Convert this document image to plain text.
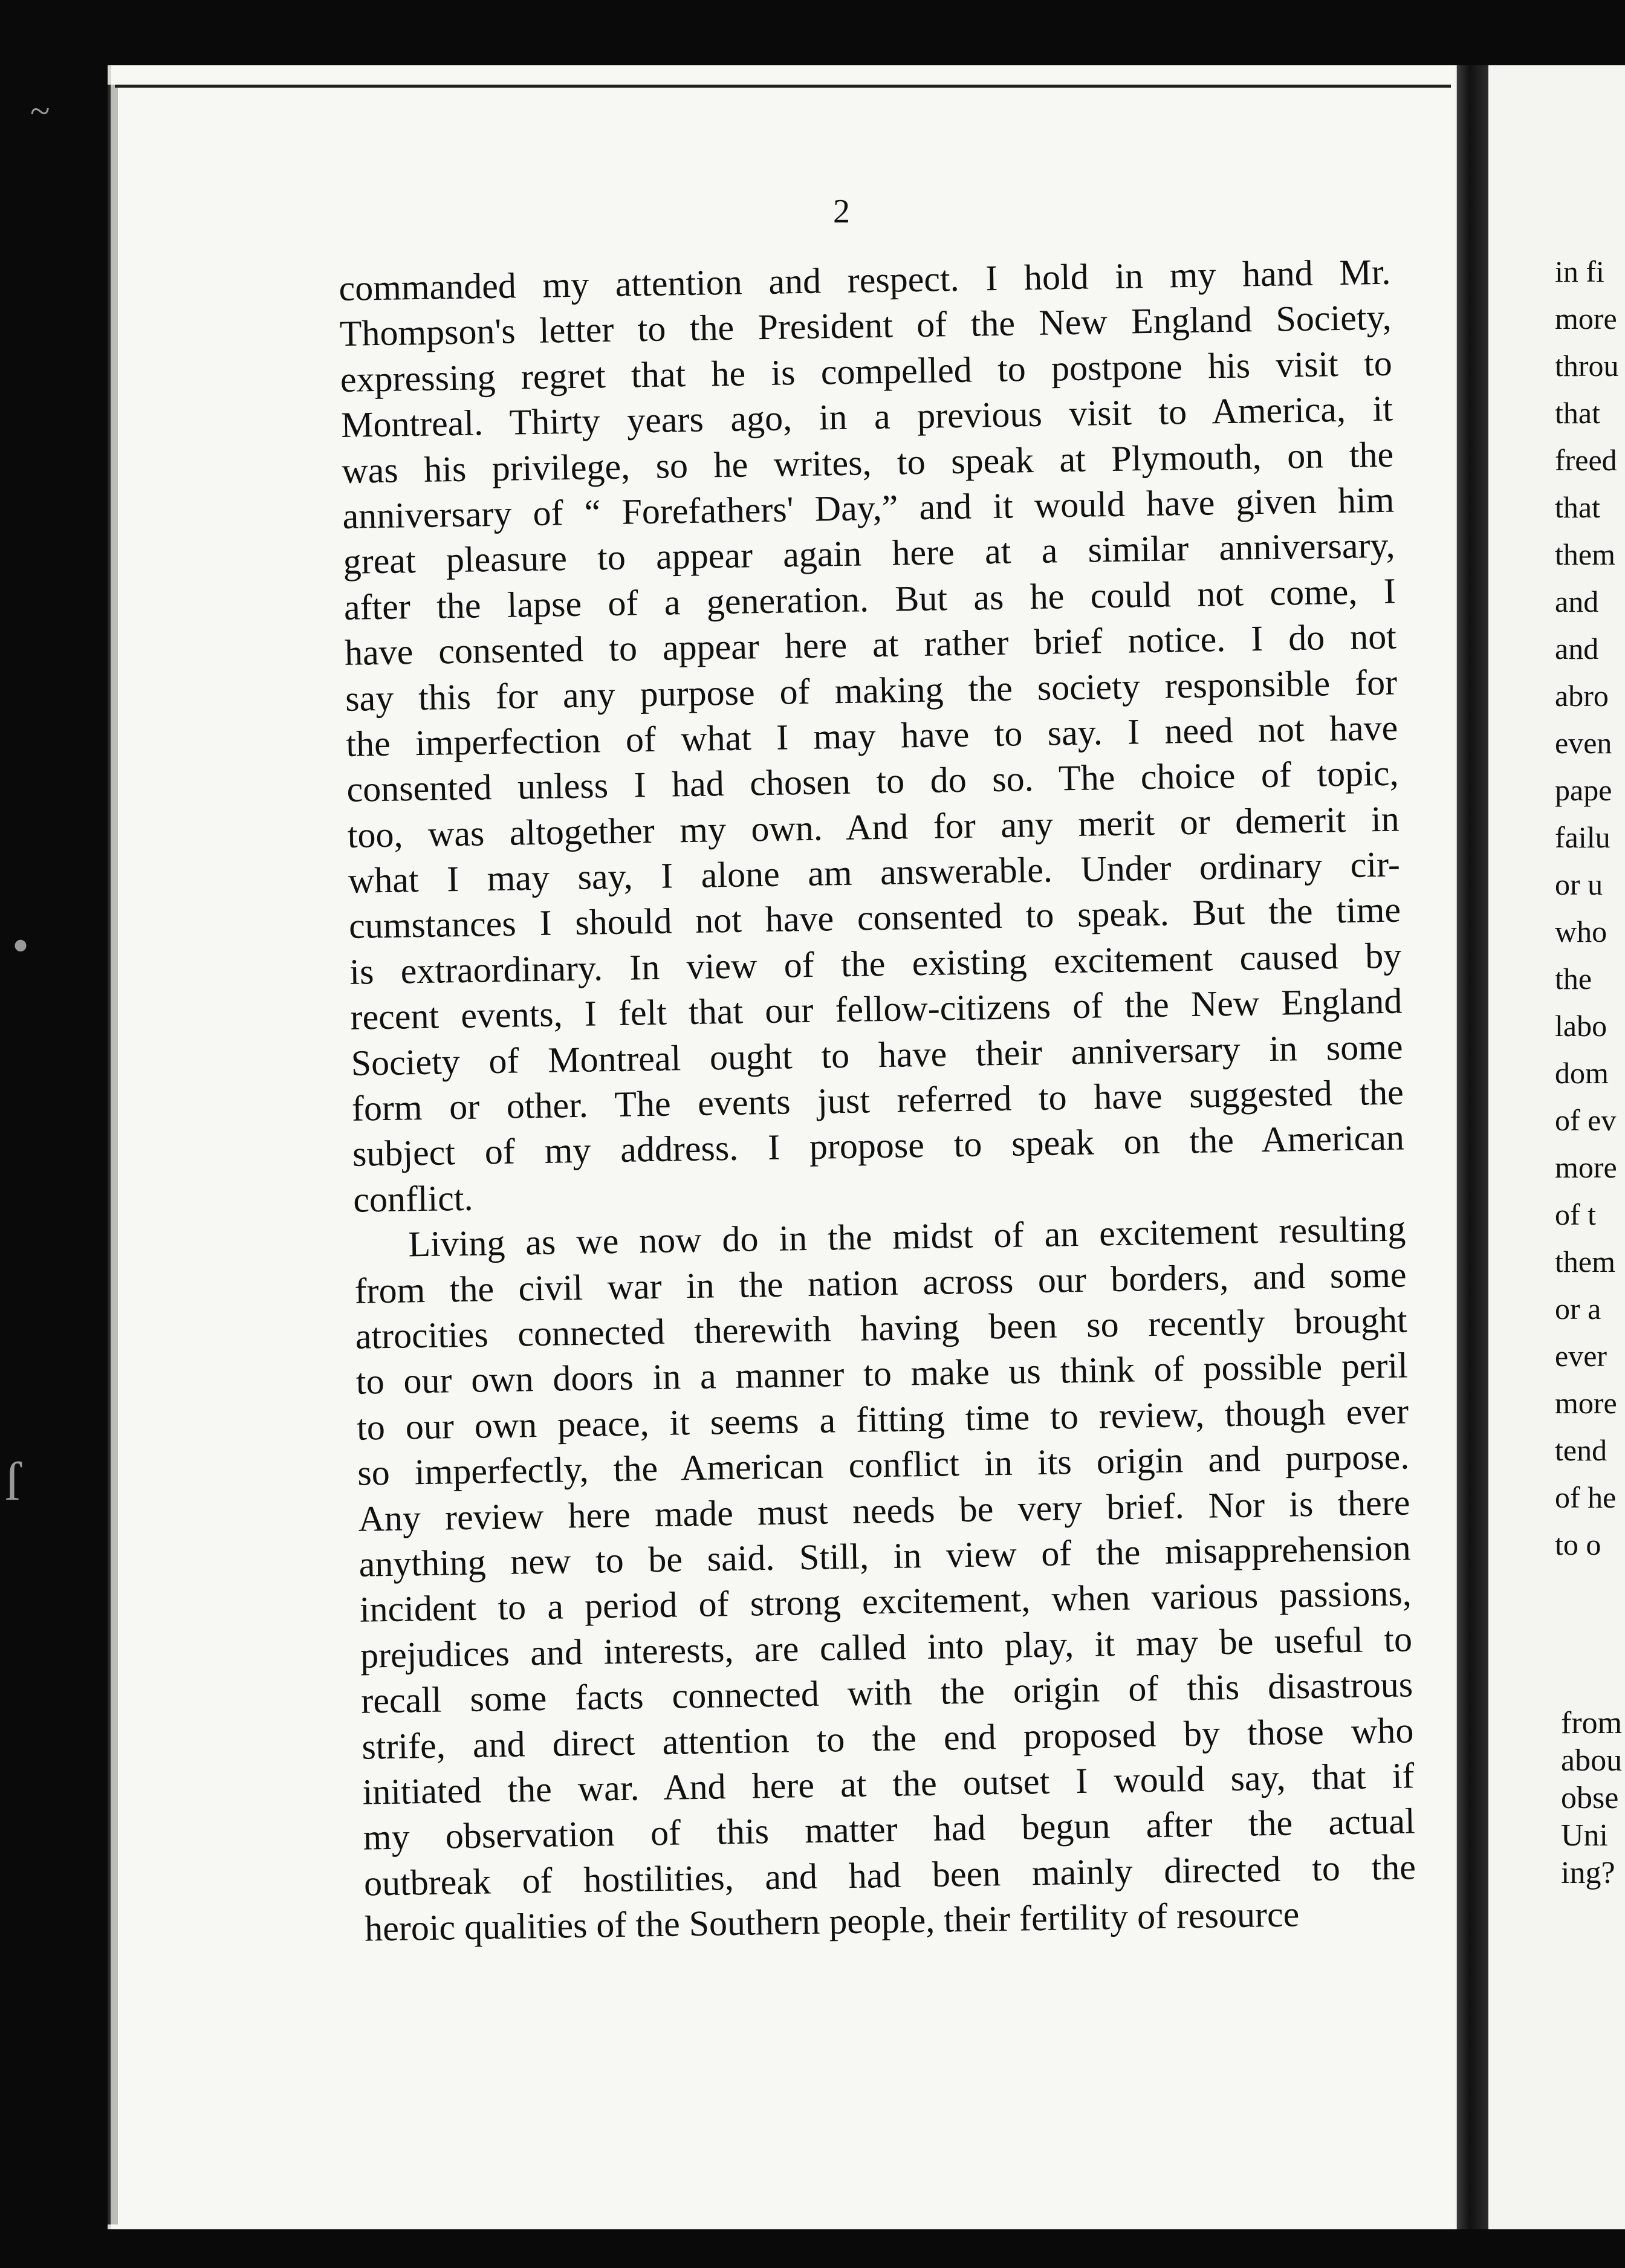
~
•
ſ
2
commanded my attention and respect. I hold in my hand Mr.
Thompson's letter to the President of the New England Society,
expressing regret that he is compelled to postpone his visit to
Montreal. Thirty years ago, in a previous visit to America, it
was his privilege, so he writes, to speak at Plymouth, on the
anniversary of “ Forefathers' Day,” and it would have given him
great pleasure to appear again here at a similar anniversary,
after the lapse of a generation. But as he could not come, I
have consented to appear here at rather brief notice. I do not
say this for any purpose of making the society responsible for
the imperfection of what I may have to say. I need not have
consented unless I had chosen to do so. The choice of topic,
too, was altogether my own. And for any merit or demerit in
what I may say, I alone am answerable. Under ordinary cir-
cumstances I should not have consented to speak. But the time
is extraordinary. In view of the existing excitement caused by
recent events, I felt that our fellow-citizens of the New England
Society of Montreal ought to have their anniversary in some
form or other. The events just referred to have suggested the
subject of my address. I propose to speak on the American
conflict.
Living as we now do in the midst of an excitement resulting
from the civil war in the nation across our borders, and some
atrocities connected therewith having been so recently brought
to our own doors in a manner to make us think of possible peril
to our own peace, it seems a fitting time to review, though ever
so imperfectly, the American conflict in its origin and purpose.
Any review here made must needs be very brief. Nor is there
anything new to be said. Still, in view of the misapprehension
incident to a period of strong excitement, when various passions,
prejudices and interests, are called into play, it may be useful to
recall some facts connected with the origin of this disastrous
strife, and direct attention to the end proposed by those who
initiated the war. And here at the outset I would say, that if
my observation of this matter had begun after the actual
outbreak of hostilities, and had been mainly directed to the
heroic qualities of the Southern people, their fertility of resource
in fi
more
throu
that
freed
that
them
and
and
abro
even
pape
failu
or u
who
the
labo
dom
of ev
more
of t
them
or a
ever
more
tend
of he
to o
from
abou
obse
Uni
ing?
